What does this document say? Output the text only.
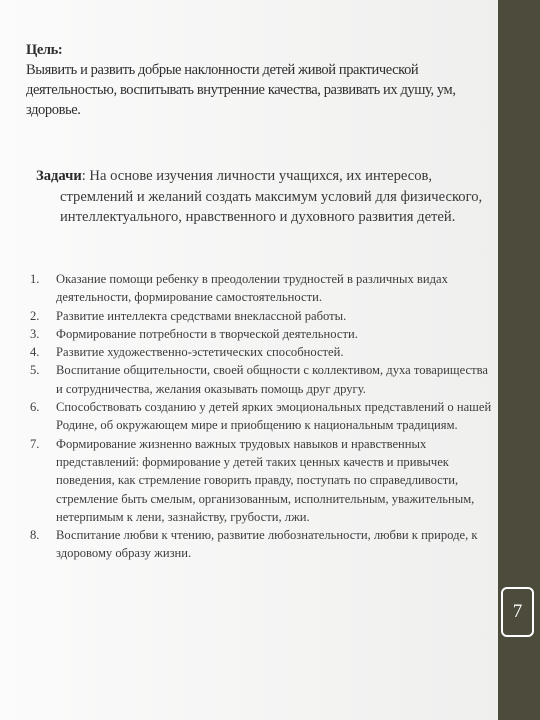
7
Цель:
Выявить и развить добрые наклонности детей живой практической деятельностью, воспитывать внутренние качества, развивать их душу, ум, здоровье.
Задачи: На основе изучения личности учащихся, их интересов, стремлений и желаний создать максимум условий для физического, интеллектуального, нравственного и духовного развития детей.
1. Оказание помощи ребенку в преодолении трудностей в различных видах деятельности, формирование самостоятельности.
2. Развитие интеллекта средствами внеклассной работы.
3. Формирование потребности в творческой деятельности.
4. Развитие художественно-эстетических способностей.
5. Воспитание общительности, своей общности с коллективом, духа товарищества и сотрудничества, желания оказывать помощь друг другу.
6. Способствовать созданию у детей ярких эмоциональных представлений о нашей Родине, об окружающем мире и приобщению к национальным традициям.
7. Формирование жизненно важных трудовых навыков и нравственных представлений: формирование у детей таких ценных качеств и привычек поведения, как стремление говорить правду, поступать по справедливости, стремление быть смелым, организованным, исполнительным, уважительным, нетерпимым к лени, зазнайству, грубости, лжи.
8. Воспитание любви к чтению, развитие любознательности, любви к природе, к здоровому образу жизни.
